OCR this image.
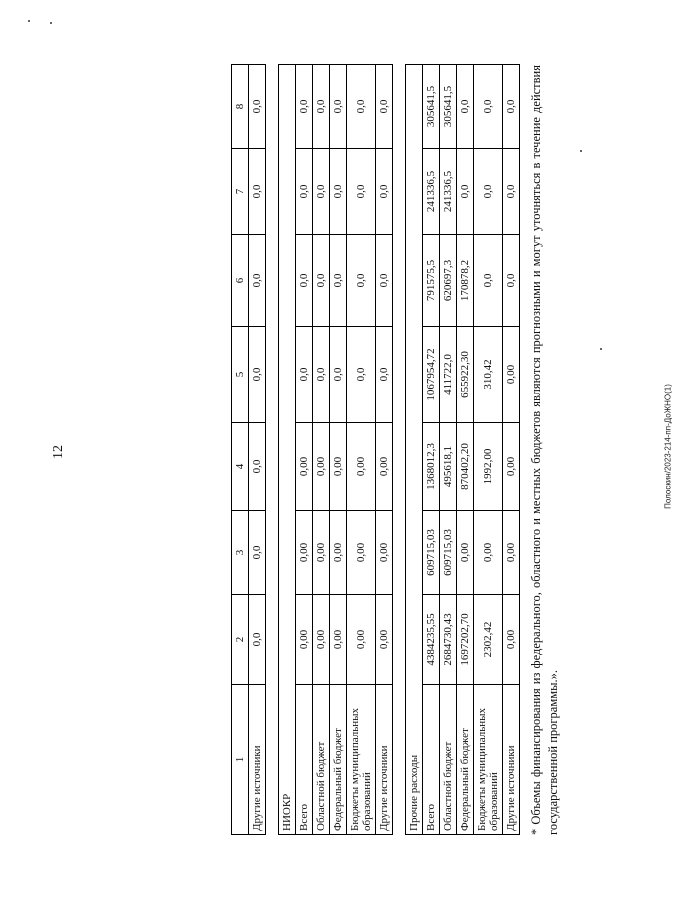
12	Полоскин/2023-214-пп-ДоЖНО(1)
1	2	3	4	5	6	7	8
Другие источники	0,0	0,0	0,0	0,0	0,0	0,0	0,0

НИОКР							
Всего	0,00	0,00	0,00	0,0	0,0	0,0	0,0
Областной бюджет	0,00	0,00	0,00	0,0	0,0	0,0	0,0
Федеральный бюджет	0,00	0,00	0,00	0,0	0,0	0,0	0,0
Бюджеты муниципальных образований	0,00	0,00	0,00	0,0	0,0	0,0	0,0
Другие источники	0,00	0,00	0,00	0,0	0,0	0,0	0,0

Прочие расходы							
Всего	4384235,55	609715,03	1368012,3	1067954,72	791575,5	241336,5	305641,5
Областной бюджет	2684730,43	609715,03	495618,1	411722,0	620697,3	241336,5	305641,5
Федеральный бюджет	1697202,70	0,00	870402,20	655922,30	170878,2	0,0	0,0
Бюджеты муниципальных образований	2302,42	0,00	1992,00	310,42	0,0	0,0	0,0
Другие источники	0,00	0,00	0,00	0,00	0,0	0,0	0,0 * Объемы финансирования из федерального, областного и местных бюджетов являются прогнозными и могут уточняться в течение действия государственной программы.».
